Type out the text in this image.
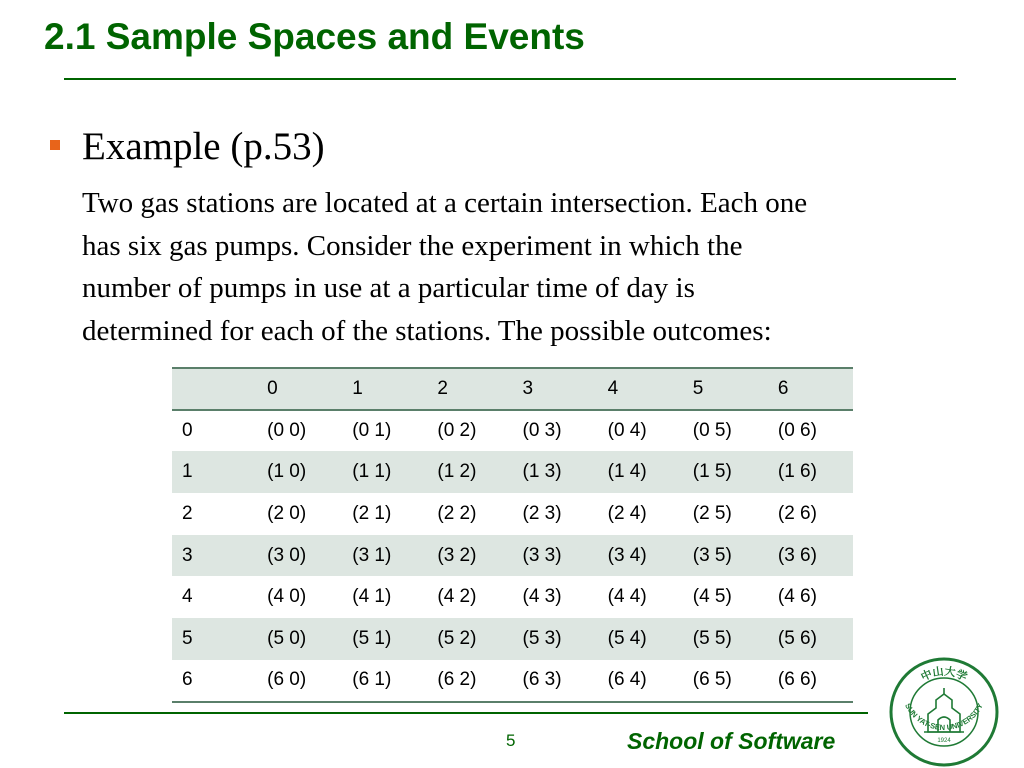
2.1 Sample Spaces and Events
Example (p.53)
Two gas stations are located at a certain intersection. Each one
has six gas pumps. Consider the experiment in which the
number of pumps in use at a particular time of day is
determined for each of the stations. The possible outcomes:
	0	1	2	3	4	5	6
0	(0 0)	(0 1)	(0 2)	(0 3)	(0 4)	(0 5)	(0 6)
1	(1 0)	(1 1)	(1 2)	(1 3)	(1 4)	(1 5)	(1 6)
2	(2 0)	(2 1)	(2 2)	(2 3)	(2 4)	(2 5)	(2 6)
3	(3 0)	(3 1)	(3 2)	(3 3)	(3 4)	(3 5)	(3 6)
4	(4 0)	(4 1)	(4 2)	(4 3)	(4 4)	(4 5)	(4 6)
5	(5 0)	(5 1)	(5 2)	(5 3)	(5 4)	(5 5)	(5 6)
6	(6 0)	(6 1)	(6 2)	(6 3)	(6 4)	(6 5)	(6 6)
5	School of Software
中山大学
SUN YAT-SEN UNIVERSITY
1924
